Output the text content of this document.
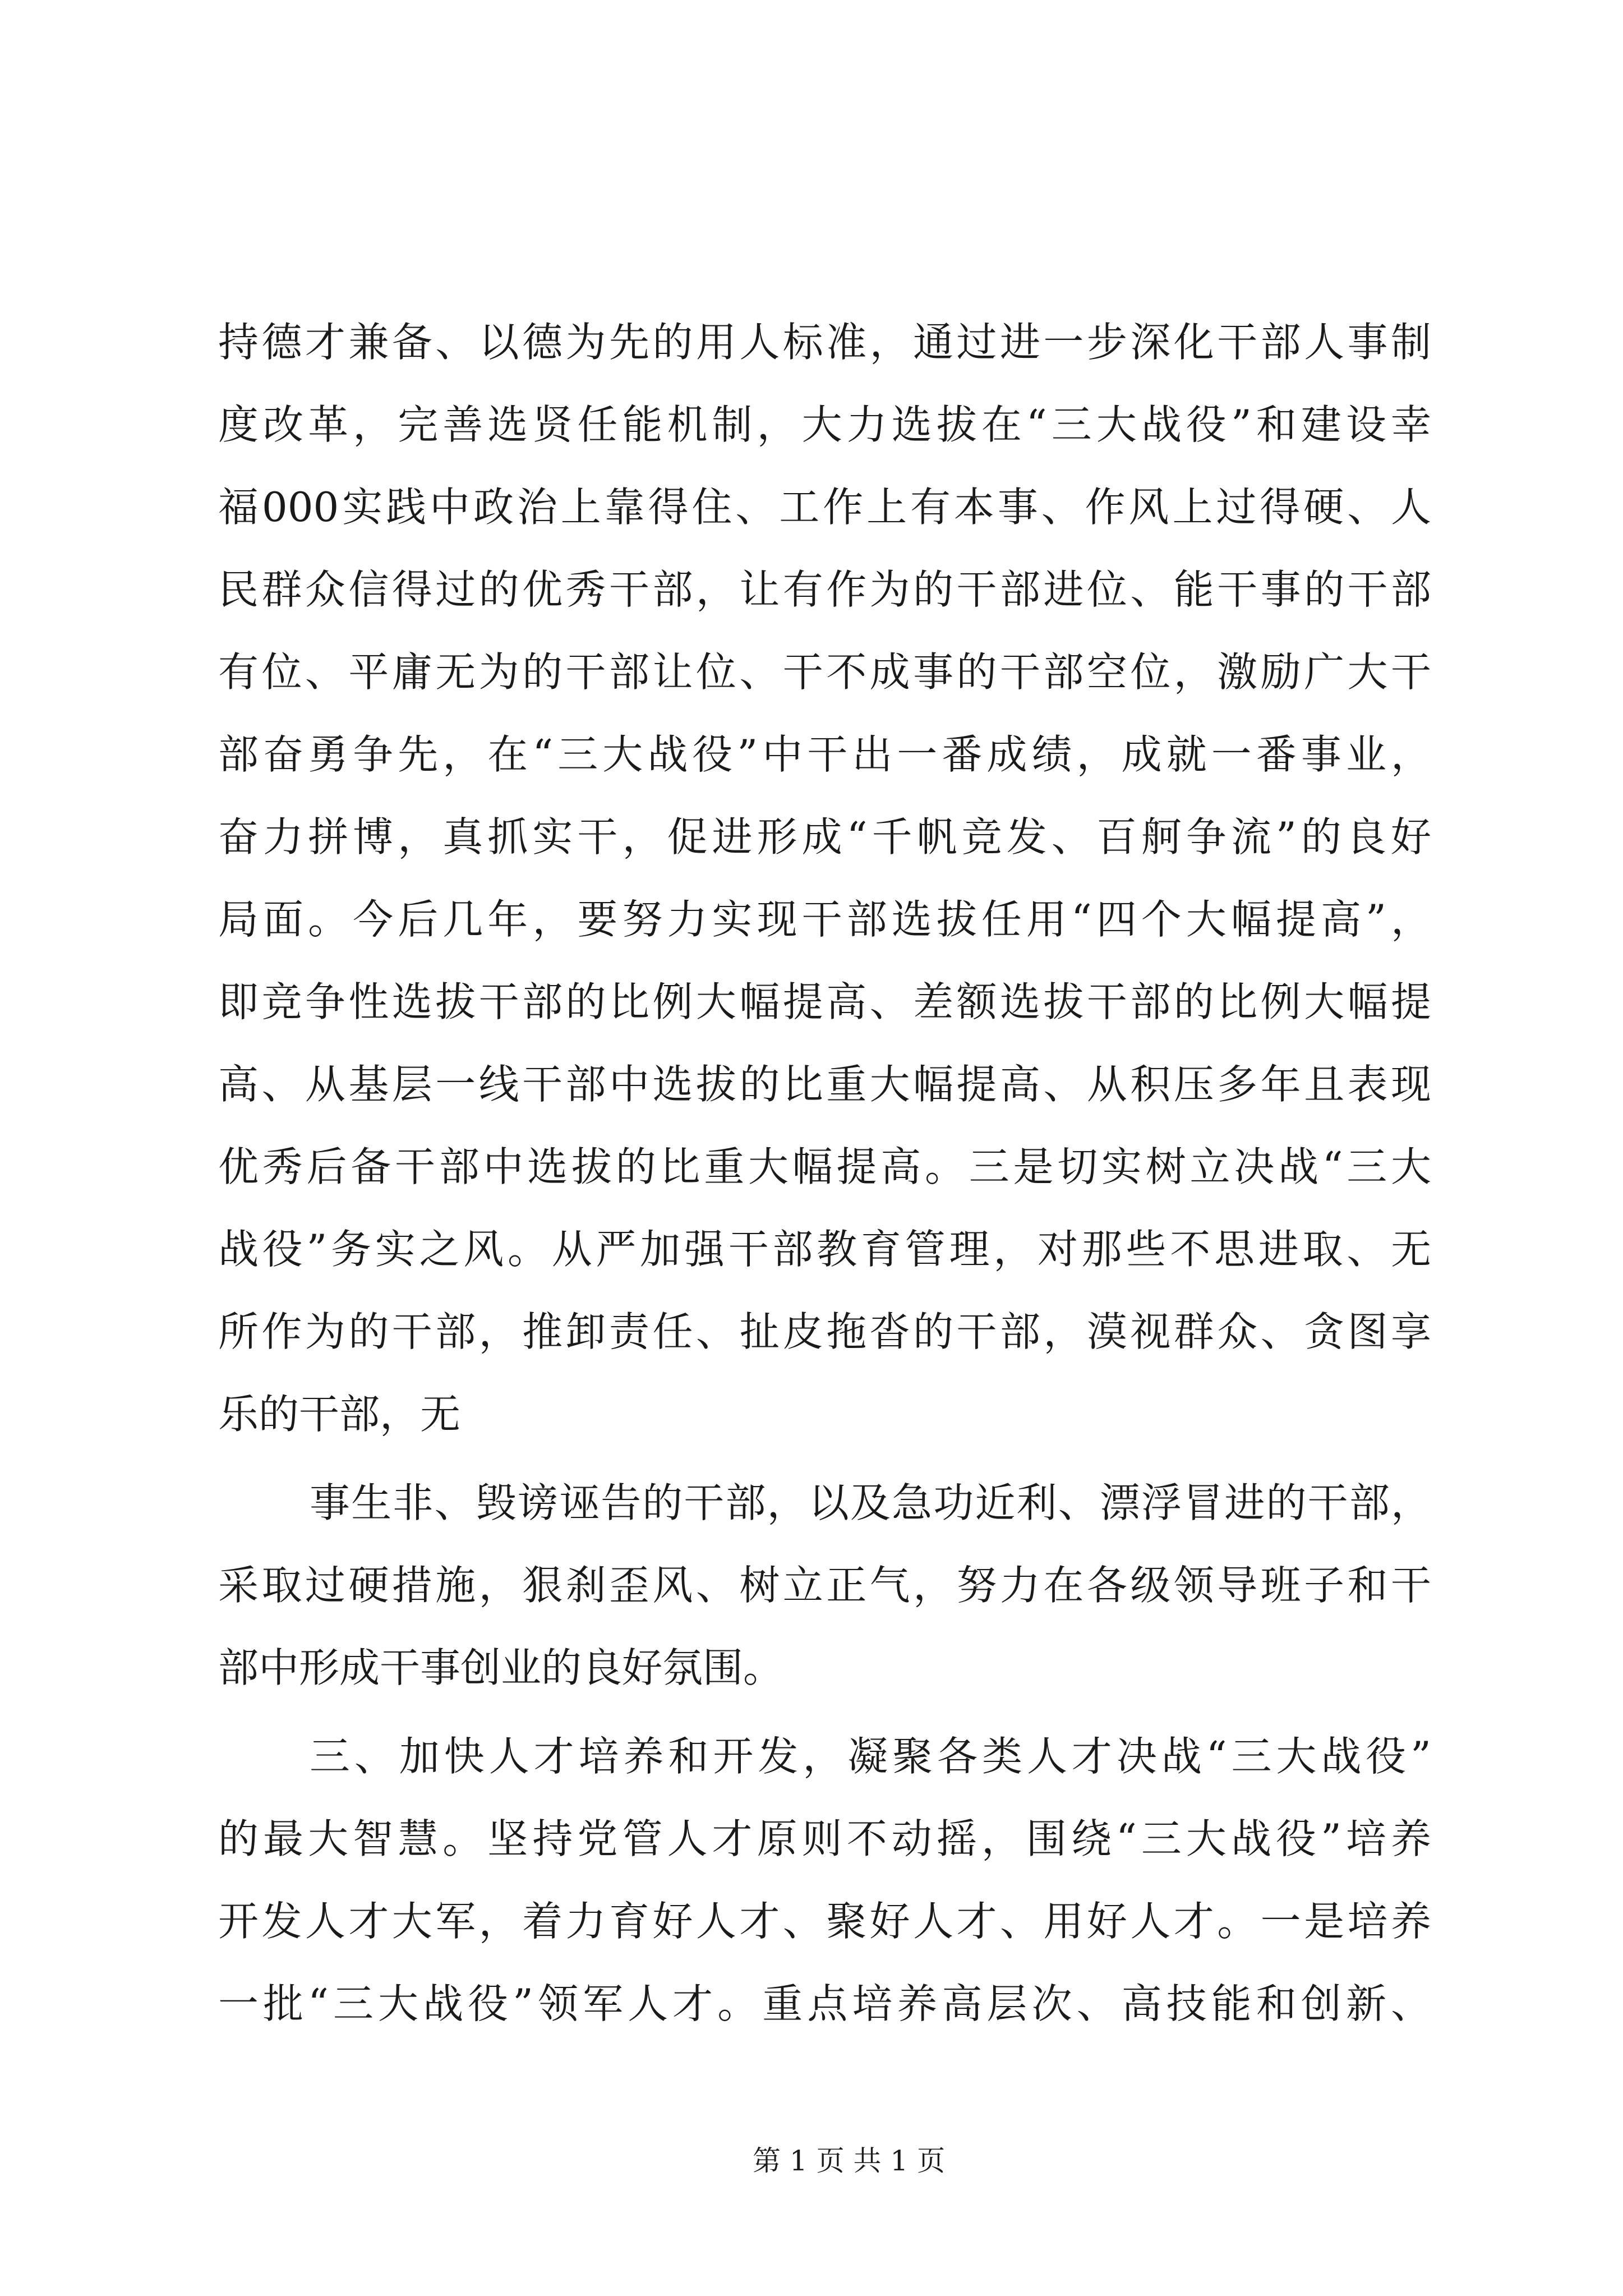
持德才兼备、以德为先的用人标准，通过进一步深化干部人事制
度改革，完善选贤任能机制，大力选拔在“三大战役”和建设幸
福000实践中政治上靠得住、工作上有本事、作风上过得硬、人
民群众信得过的优秀干部，让有作为的干部进位、能干事的干部
有位、平庸无为的干部让位、干不成事的干部空位，激励广大干
部奋勇争先，在“三大战役”中干出一番成绩，成就一番事业，
奋力拼博，真抓实干，促进形成“千帆竞发、百舸争流”的良好
局面。今后几年，要努力实现干部选拔任用“四个大幅提高”，
即竞争性选拔干部的比例大幅提高、差额选拔干部的比例大幅提
高、从基层一线干部中选拔的比重大幅提高、从积压多年且表现
优秀后备干部中选拔的比重大幅提高。三是切实树立决战“三大
战役”务实之风。从严加强干部教育管理，对那些不思进取、无
所作为的干部，推卸责任、扯皮拖沓的干部，漠视群众、贪图享
乐的干部，无
事生非、毁谤诬告的干部，以及急功近利、漂浮冒进的干部，
采取过硬措施，狠刹歪风、树立正气，努力在各级领导班子和干
部中形成干事创业的良好氛围。
三、加快人才培养和开发，凝聚各类人才决战“三大战役”
的最大智慧。坚持党管人才原则不动摇，围绕“三大战役”培养
开发人才大军，着力育好人才、聚好人才、用好人才。一是培养
一批“三大战役”领军人才。重点培养高层次、高技能和创新、
第 1 页 共 1 页
